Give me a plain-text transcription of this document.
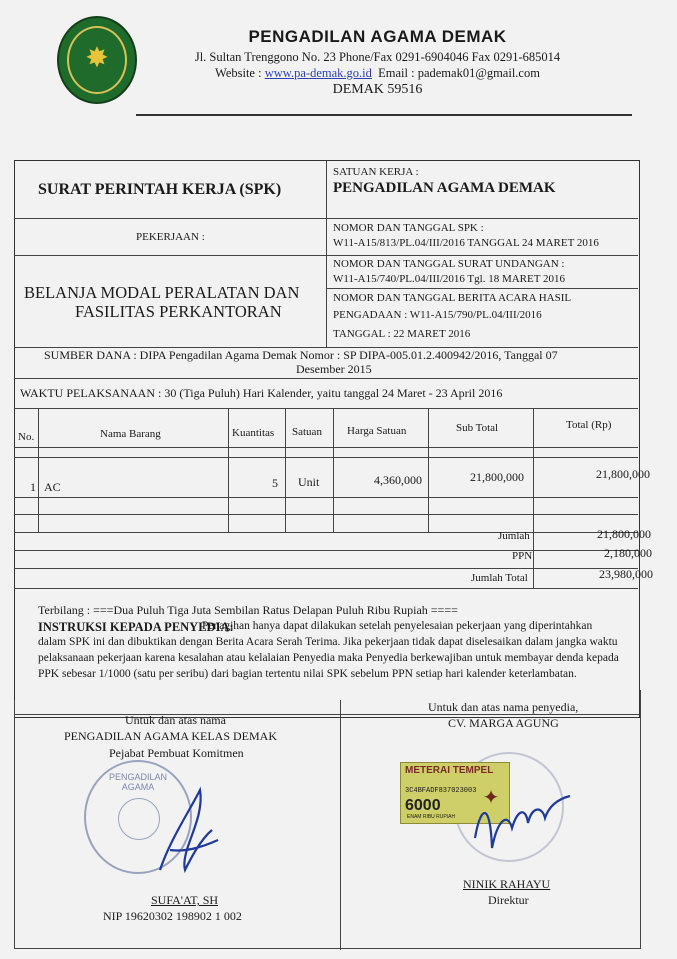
✸
PENGADILAN AGAMA DEMAK
Jl. Sultan Trenggono No. 23 Phone/Fax 0291-6904046 Fax 0291-685014
Website : www.pa-demak.go.id Email : pademak01@gmail.com
DEMAK 59516
SURAT PERINTAH KERJA (SPK)
SATUAN KERJA :
PENGADILAN AGAMA DEMAK
PEKERJAAN :
NOMOR DAN TANGGAL SPK :
W11-A15/813/PL.04/III/2016 TANGGAL 24 MARET 2016
BELANJA MODAL PERALATAN DAN
FASILITAS PERKANTORAN
NOMOR DAN TANGGAL SURAT UNDANGAN :
W11-A15/740/PL.04/III/2016 Tgl. 18 MARET 2016
NOMOR DAN TANGGAL BERITA ACARA HASIL
PENGADAAN : W11-A15/790/PL.04/III/2016
TANGGAL : 22 MARET 2016
SUMBER DANA : DIPA Pengadilan Agama Demak Nomor : SP DIPA-005.01.2.400942/2016, Tanggal 07
Desember 2015
WAKTU PELAKSANAAN : 30 (Tiga Puluh) Hari Kalender, yaitu tanggal 24 Maret - 23 April 2016
No.	Nama Barang	Kuantitas Satuan Harga Satuan	Sub Total	Total (Rp)
1 AC	5 Unit	4,360,000	21,800,000	21,800,000
Jumlah	21,800,000
PPN	2,180,000
Jumlah Total	23,980,000
Terbilang : ===Dua Puluh Tiga Juta Sembilan Ratus Delapan Puluh Ribu Rupiah ====
INSTRUKSI KEPADA PENYEDIA:
Penagihan hanya dapat dilakukan setelah penyelesaian pekerjaan yang diperintahkan
dalam SPK ini dan dibuktikan dengan Berita Acara Serah Terima. Jika pekerjaan tidak dapat diselesaikan dalam jangka waktu
pelaksanaan pekerjaan karena kesalahan atau kelalaian Penyedia maka Penyedia berkewajiban untuk membayar denda kepada
PPK sebesar 1/1000 (satu per seribu) dari bagian tertentu nilai SPK sebelum PPN setiap hari kalender keterlambatan.
Untuk dan atas nama
PENGADILAN AGAMA KELAS DEMAK
Pejabat Pembuat Komitmen
PENGADILAN AGAMA
SUFA'AT, SH
NIP 19620302 198902 1 002
Untuk dan atas nama penyedia,
CV. MARGA AGUNG
METERAI TEMPEL
3C4BFADF837023003
6000
ENAM RIBU RUPIAH
✦
NINIK RAHAYU
Direktur
